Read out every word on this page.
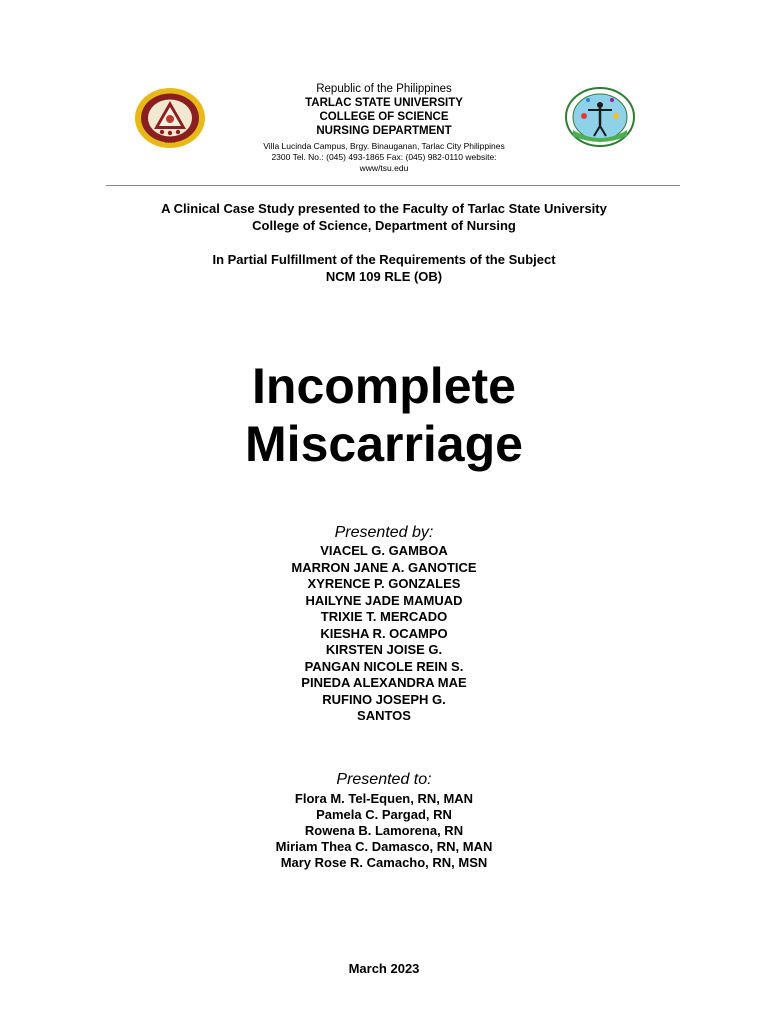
1906
Republic of the Philippines
TARLAC STATE UNIVERSITY
COLLEGE OF SCIENCE
NURSING DEPARTMENT
Villa Lucinda Campus, Brgy. Binauganan, Tarlac City Philippines
2300 Tel. No.: (045) 493-1865 Fax: (045) 982-0110 website:
www/tsu.edu
A Clinical Case Study presented to the Faculty of Tarlac State University
College of Science, Department of Nursing
In Partial Fulfillment of the Requirements of the Subject
NCM 109 RLE (OB)
Incomplete
Miscarriage
Presented by:
VIACEL G. GAMBOA
MARRON JANE A. GANOTICE
XYRENCE P. GONZALES
HAILYNE JADE MAMUAD
TRIXIE T. MERCADO
KIESHA R. OCAMPO
KIRSTEN JOISE G.
PANGAN NICOLE REIN S.
PINEDA ALEXANDRA MAE
RUFINO JOSEPH G.
SANTOS
Presented to:
Flora M. Tel-Equen, RN, MAN
Pamela C. Pargad, RN
Rowena B. Lamorena, RN
Miriam Thea C. Damasco, RN, MAN
Mary Rose R. Camacho, RN, MSN
March 2023
